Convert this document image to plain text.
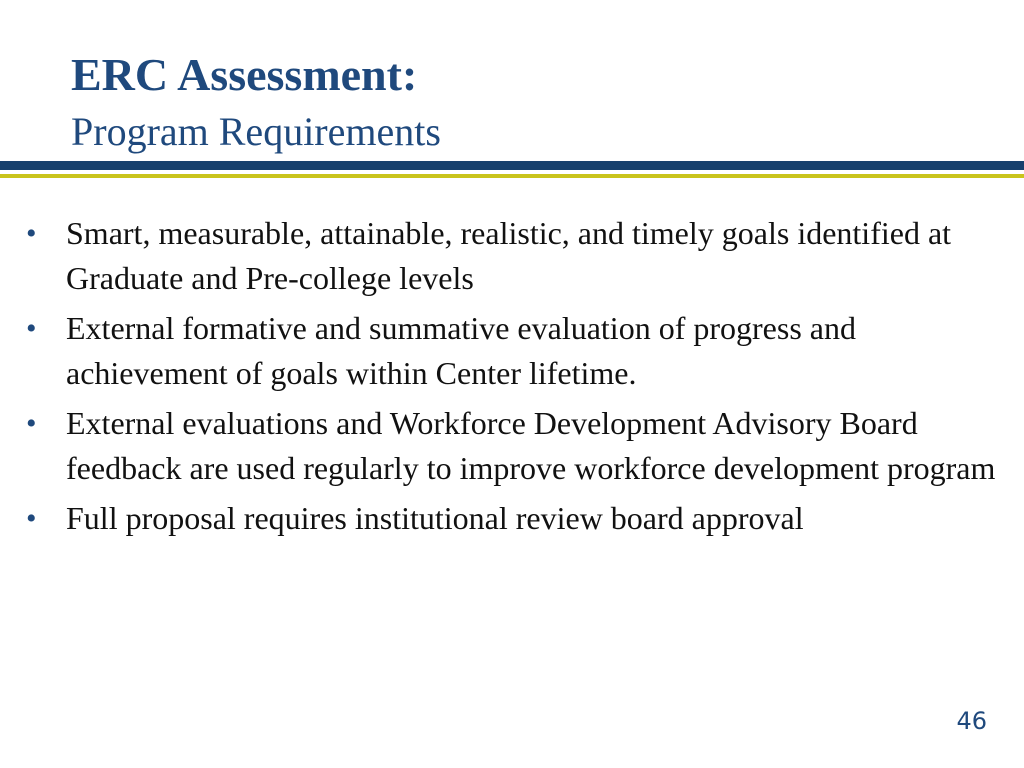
ERC Assessment:
Program Requirements
• Smart, measurable, attainable, realistic, and timely goals identified at Graduate and Pre-college levels
• External formative and summative evaluation of progress and achievement of goals within Center lifetime.
• External evaluations and Workforce Development Advisory Board feedback are used regularly to improve workforce development program
• Full proposal requires institutional review board approval
46
